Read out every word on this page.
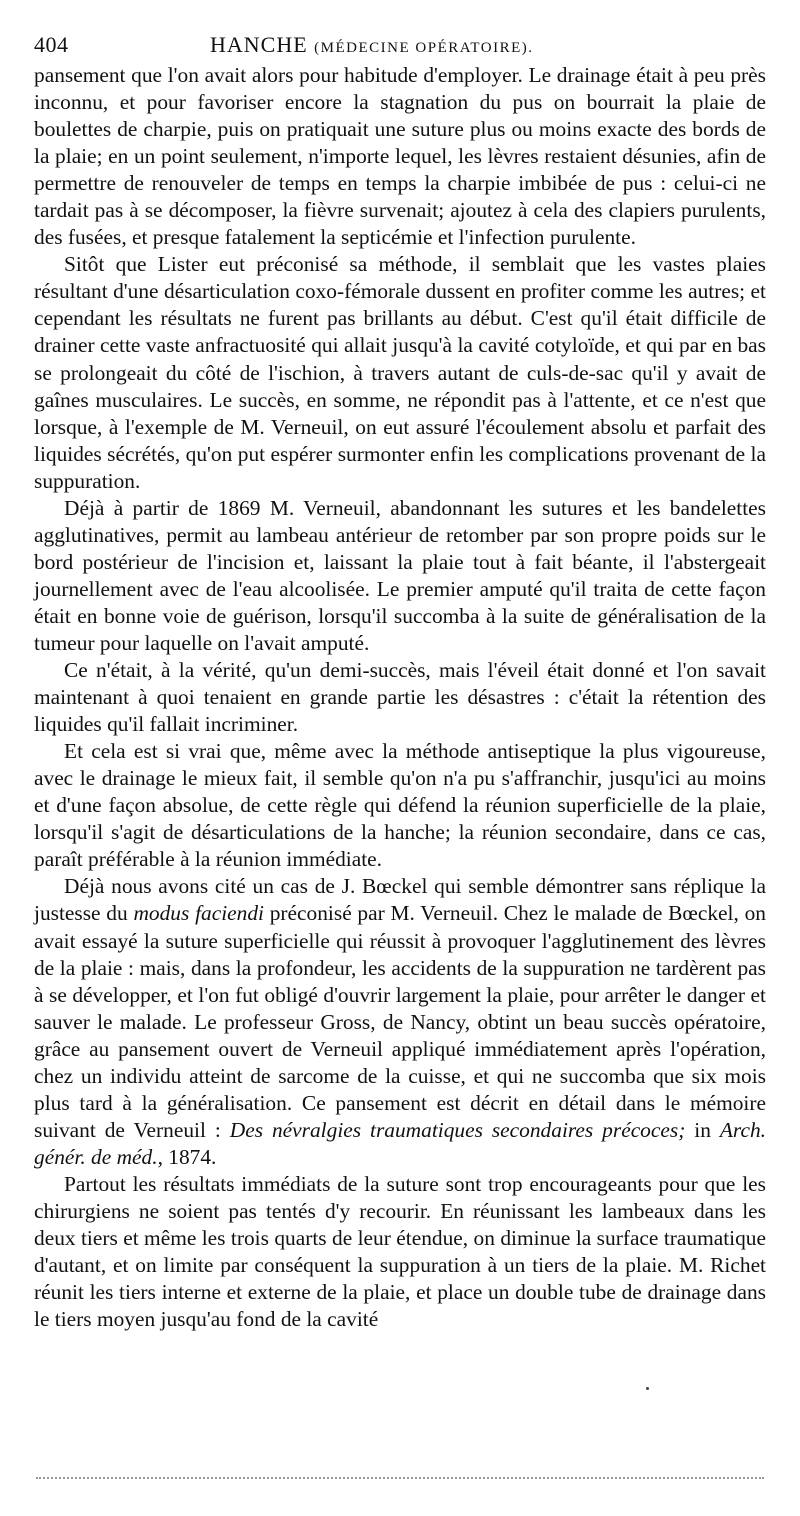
404	HANCHE (MÉDECINE OPÉRATOIRE).

pansement que l'on avait alors pour habitude d'employer. Le drainage était à peu près inconnu, et pour favoriser encore la stagnation du pus on bourrait la plaie de boulettes de charpie, puis on pratiquait une suture plus ou moins exacte des bords de la plaie; en un point seulement, n'importe lequel, les lèvres restaient désunies, afin de permettre de renouveler de temps en temps la charpie imbibée de pus : celui-ci ne tardait pas à se décomposer, la fièvre survenait; ajoutez à cela des clapiers purulents, des fusées, et presque fatalement la septicémie et l'infection purulente.

Sitôt que Lister eut préconisé sa méthode, il semblait que les vastes plaies résultant d'une désarticulation coxo-fémorale dussent en profiter comme les autres; et cependant les résultats ne furent pas brillants au début. C'est qu'il était difficile de drainer cette vaste anfractuosité qui allait jusqu'à la cavité cotyloïde, et qui par en bas se prolongeait du côté de l'ischion, à travers autant de culs-de-sac qu'il y avait de gaînes musculaires. Le succès, en somme, ne répondit pas à l'attente, et ce n'est que lorsque, à l'exemple de M. Verneuil, on eut assuré l'écoulement absolu et parfait des liquides sécrétés, qu'on put espérer surmonter enfin les complications provenant de la suppuration.

Déjà à partir de 1869 M. Verneuil, abandonnant les sutures et les bandelettes agglutinatives, permit au lambeau antérieur de retomber par son propre poids sur le bord postérieur de l'incision et, laissant la plaie tout à fait béante, il l'abstergeait journellement avec de l'eau alcoolisée. Le premier amputé qu'il traita de cette façon était en bonne voie de guérison, lorsqu'il succomba à la suite de généralisation de la tumeur pour laquelle on l'avait amputé.

Ce n'était, à la vérité, qu'un demi-succès, mais l'éveil était donné et l'on savait maintenant à quoi tenaient en grande partie les désastres : c'était la rétention des liquides qu'il fallait incriminer.

Et cela est si vrai que, même avec la méthode antiseptique la plus vigoureuse, avec le drainage le mieux fait, il semble qu'on n'a pu s'affranchir, jusqu'ici au moins et d'une façon absolue, de cette règle qui défend la réunion superficielle de la plaie, lorsqu'il s'agit de désarticulations de la hanche; la réunion secondaire, dans ce cas, paraît préférable à la réunion immédiate.

Déjà nous avons cité un cas de J. Bœckel qui semble démontrer sans réplique la justesse du modus faciendi préconisé par M. Verneuil. Chez le malade de Bœckel, on avait essayé la suture superficielle qui réussit à provoquer l'agglutinement des lèvres de la plaie : mais, dans la profondeur, les accidents de la suppuration ne tardèrent pas à se développer, et l'on fut obligé d'ouvrir largement la plaie, pour arrêter le danger et sauver le malade. Le professeur Gross, de Nancy, obtint un beau succès opératoire, grâce au pansement ouvert de Verneuil appliqué immédiatement après l'opération, chez un individu atteint de sarcome de la cuisse, et qui ne succomba que six mois plus tard à la généralisation. Ce pansement est décrit en détail dans le mémoire suivant de Verneuil : Des névralgies traumatiques secondaires précoces; in Arch. génér. de méd., 1874.

Partout les résultats immédiats de la suture sont trop encourageants pour que les chirurgiens ne soient pas tentés d'y recourir. En réunissant les lambeaux dans les deux tiers et même les trois quarts de leur étendue, on diminue la surface traumatique d'autant, et on limite par conséquent la suppuration à un tiers de la plaie. M. Richet réunit les tiers interne et externe de la plaie, et place un double tube de drainage dans le tiers moyen jusqu'au fond de la cavité
